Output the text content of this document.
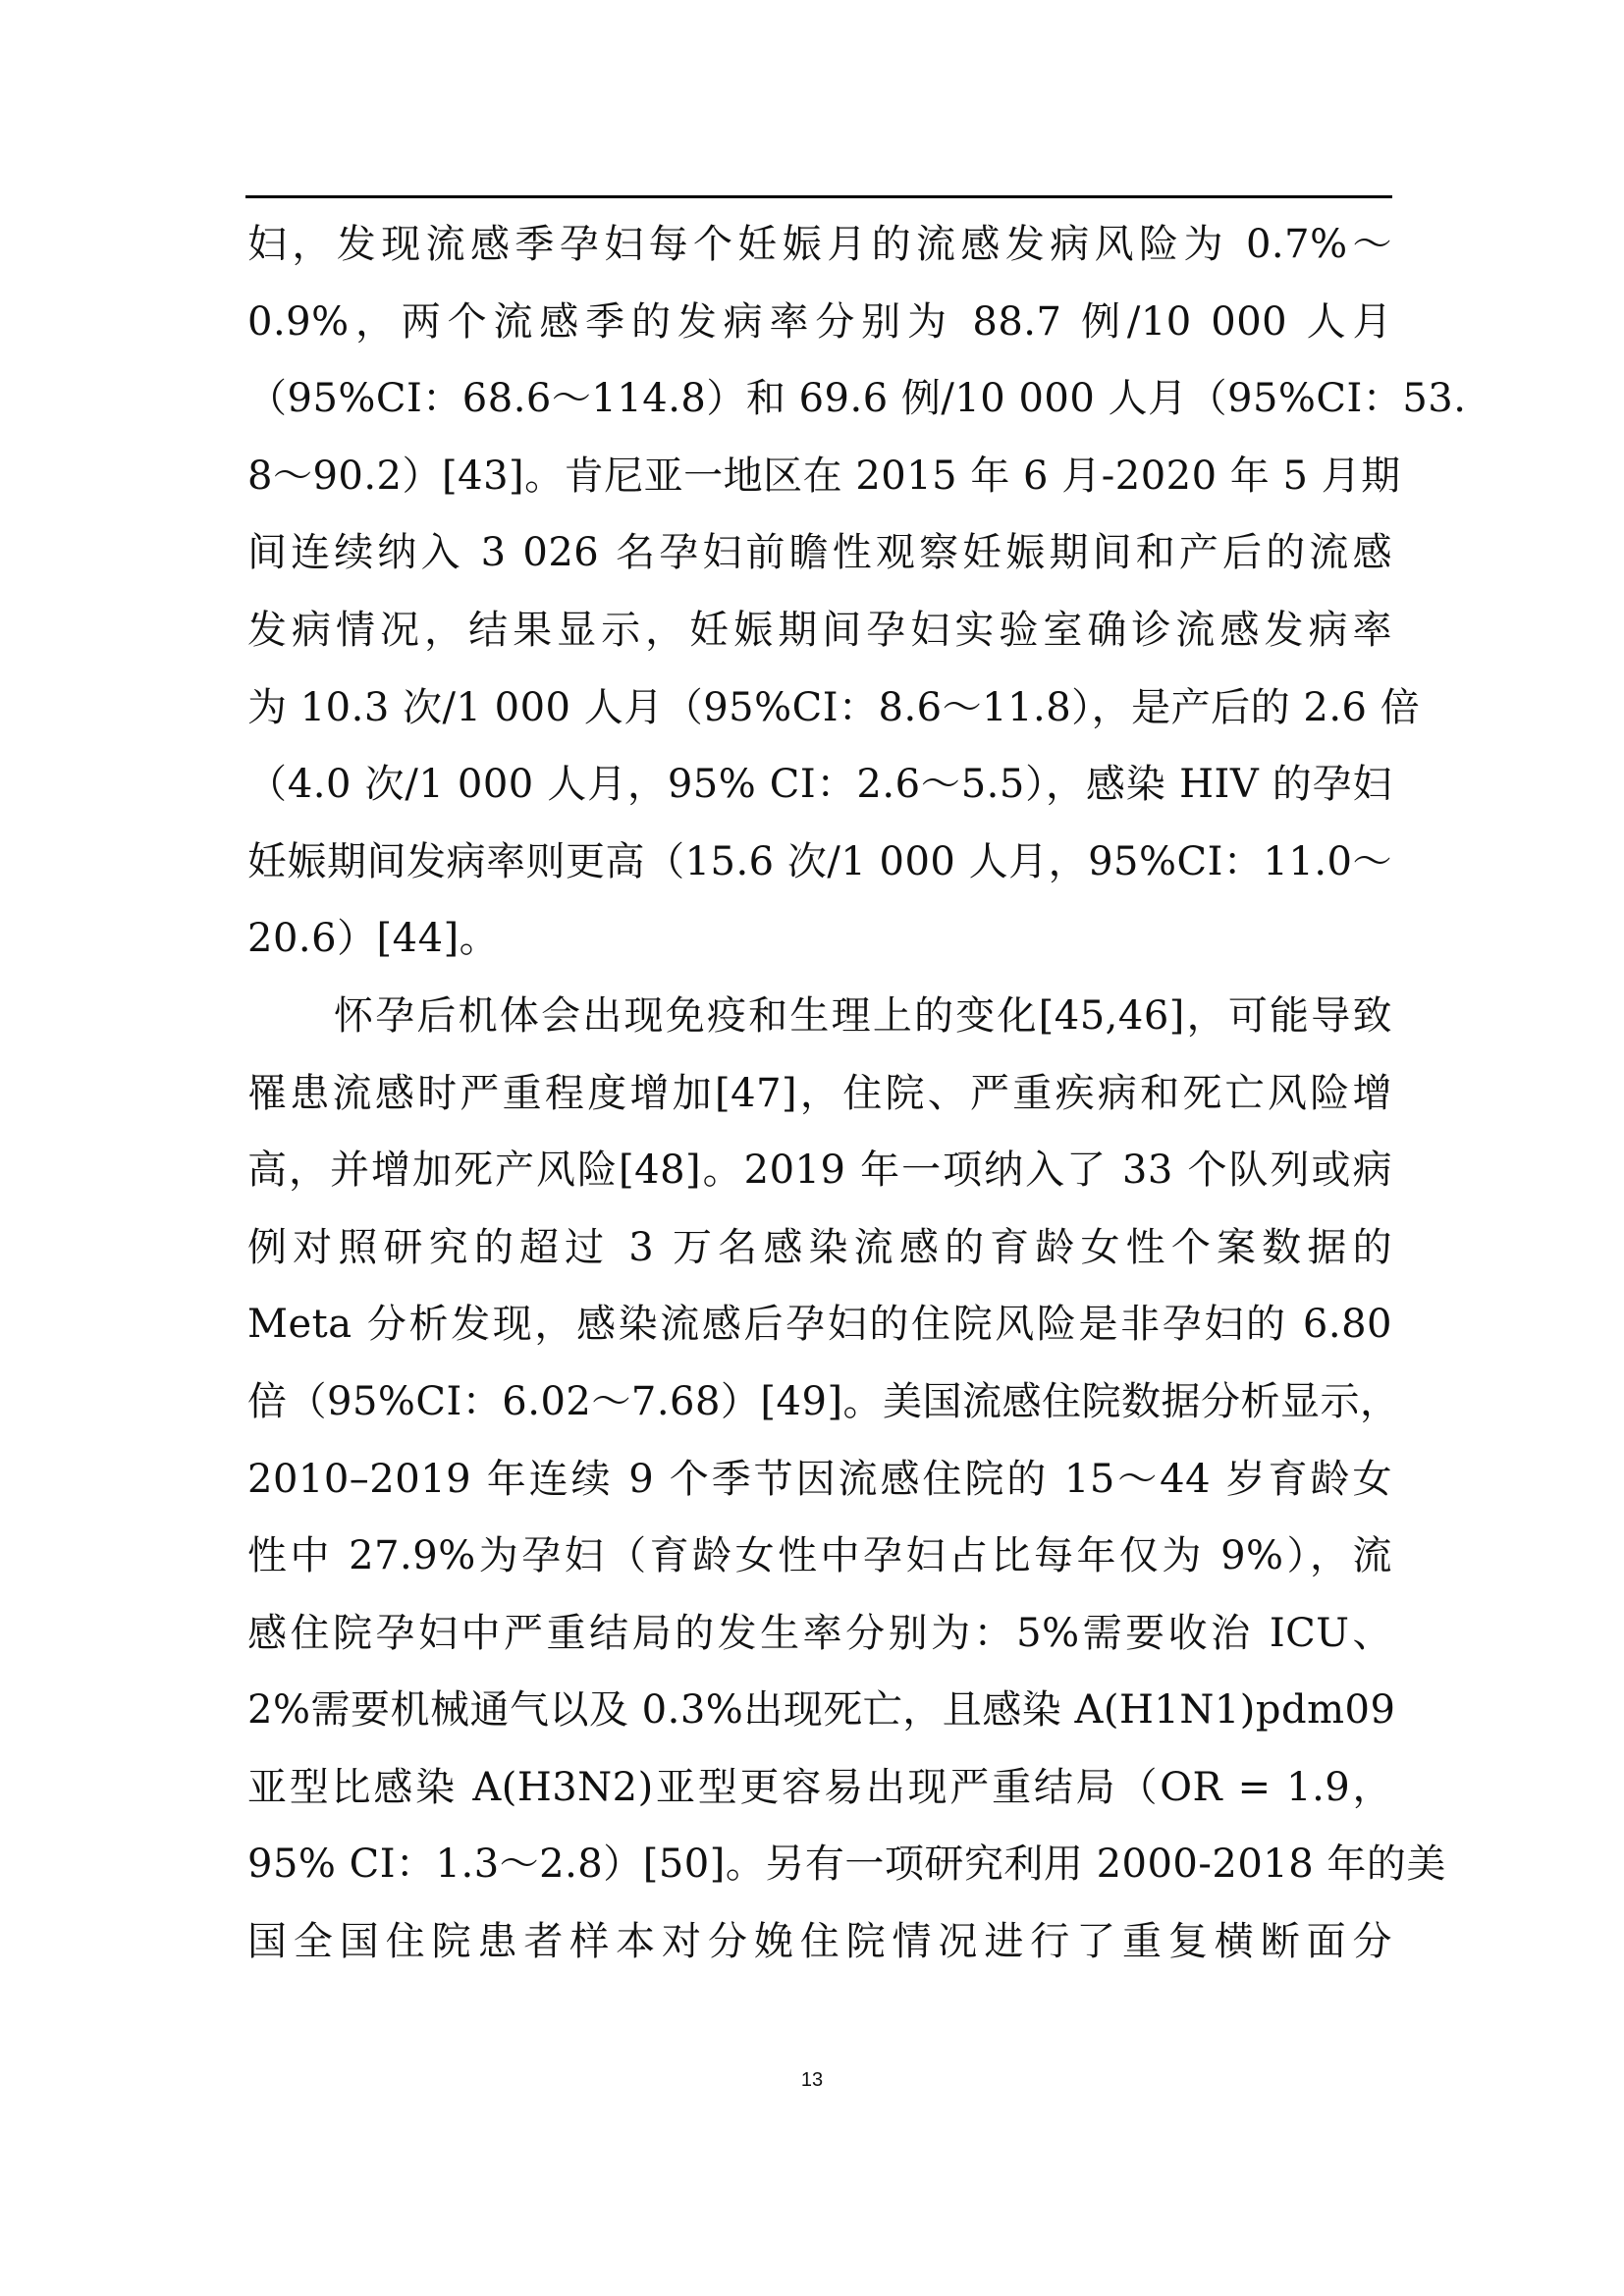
妇，发现流感季孕妇每个妊娠月的流感发病风险为 0.7%～
0.9%，两个流感季的发病率分别为 88.7 例/10 000 人月
（95%CI：68.6～114.8）和 69.6 例/10 000 人月（95%CI：53.
8～90.2）[43]。肯尼亚一地区在 2015 年 6 月-2020 年 5 月期
间连续纳入 3 026 名孕妇前瞻性观察妊娠期间和产后的流感
发病情况，结果显示，妊娠期间孕妇实验室确诊流感发病率
为 10.3 次/1 000 人月（95%CI：8.6～11.8），是产后的 2.6 倍
（4.0 次/1 000 人月，95% CI：2.6～5.5），感染 HIV 的孕妇
妊娠期间发病率则更高（15.6 次/1 000 人月，95%CI：11.0～
20.6）[44]。
怀孕后机体会出现免疫和生理上的变化[45,46]，可能导致
罹患流感时严重程度增加[47]，住院、严重疾病和死亡风险增
高，并增加死产风险[48]。2019 年一项纳入了 33 个队列或病
例对照研究的超过 3 万名感染流感的育龄女性个案数据的
Meta 分析发现，感染流感后孕妇的住院风险是非孕妇的 6.80
倍（95%CI：6.02～7.68）[49]。美国流感住院数据分析显示，
2010–2019 年连续 9 个季节因流感住院的 15～44 岁育龄女
性中 27.9%为孕妇（育龄女性中孕妇占比每年仅为 9%），流
感住院孕妇中严重结局的发生率分别为：5%需要收治 ICU、
2%需要机械通气以及 0.3%出现死亡，且感染 A(H1N1)pdm09
亚型比感染 A(H3N2)亚型更容易出现严重结局（OR = 1.9，
95% CI：1.3～2.8）[50]。另有一项研究利用 2000-2018 年的美
国全国住院患者样本对分娩住院情况进行了重复横断面分
13
